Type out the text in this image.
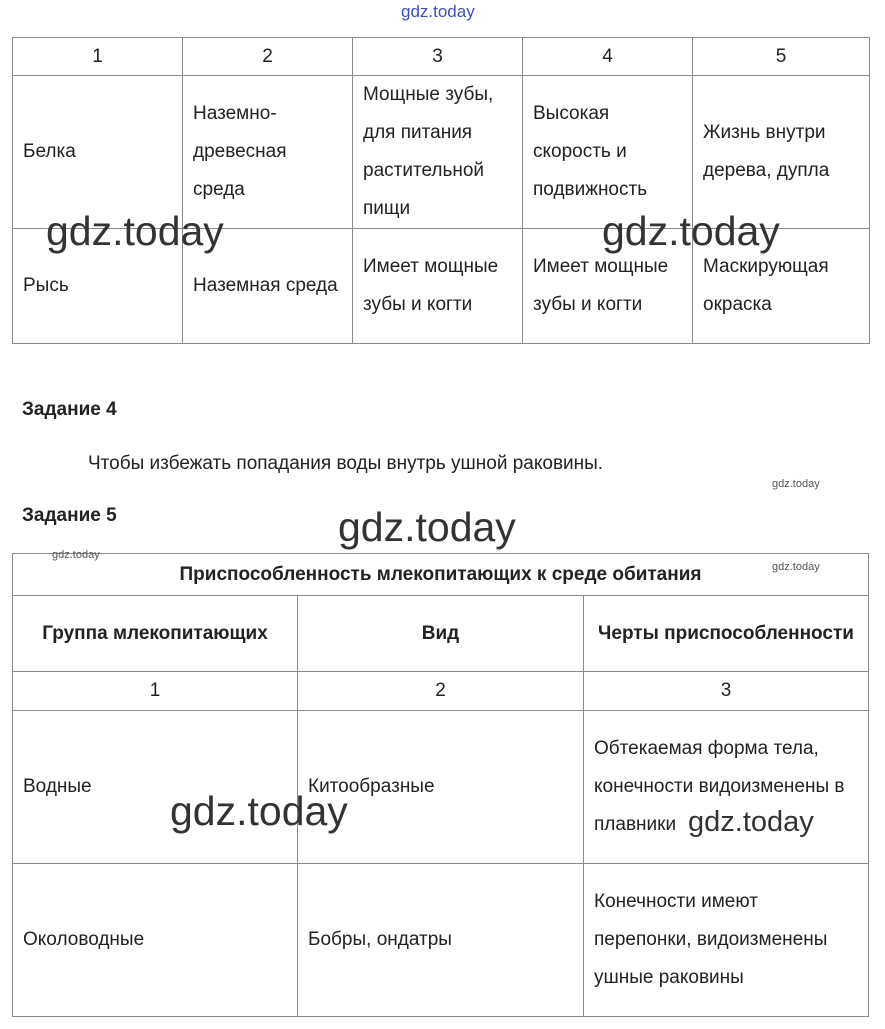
gdz.today
gdz.today	gdz.today
gdz.today
gdz.today	gdz.today
gdz.today
gdz.today
gdz.today
1	2	3	4	5
Белка	Наземно-древесная среда	Мощные зубы, для питания растительной пищи	Высокая скорость и подвижность	Жизнь внутри дерева, дупла
Рысь	Наземная среда	Имеет мощные зубы и когти	Имеет мощные зубы и когти	Маскирующая окраска
Задание 4
Чтобы избежать попадания воды внутрь ушной раковины.
Задание 5
Приспособленность млекопитающих к среде обитания		
Группа млекопитающих	Вид	Черты приспособленности
1	2	3
Водные	Китообразные	Обтекаемая форма тела, конечности видоизменены в плавники
Околоводные	Бобры, ондатры	Конечности имеют перепонки, видоизменены ушные раковины
